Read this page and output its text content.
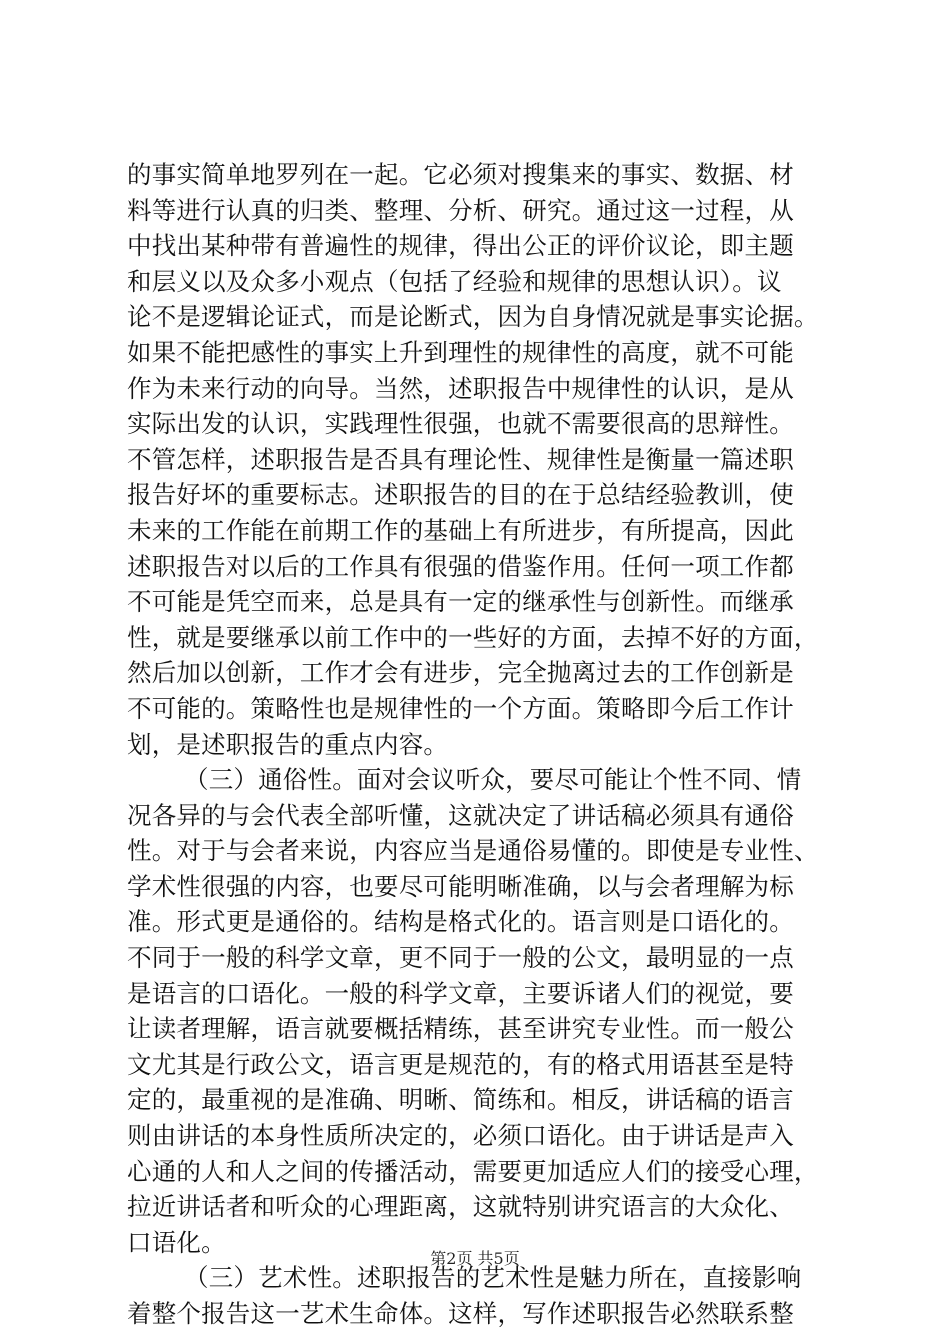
的事实简单地罗列在一起。它必须对搜集来的事实、数据、材
料等进行认真的归类、整理、分析、研究。通过这一过程，从
中找出某种带有普遍性的规律，得出公正的评价议论，即主题
和层义以及众多小观点（包括了经验和规律的思想认识）。议
论不是逻辑论证式，而是论断式，因为自身情况就是事实论据。
如果不能把感性的事实上升到理性的规律性的高度，就不可能
作为未来行动的向导。当然，述职报告中规律性的认识，是从
实际出发的认识，实践理性很强，也就不需要很高的思辩性。
不管怎样，述职报告是否具有理论性、规律性是衡量一篇述职
报告好坏的重要标志。述职报告的目的在于总结经验教训，使
未来的工作能在前期工作的基础上有所进步，有所提高，因此
述职报告对以后的工作具有很强的借鉴作用。任何一项工作都
不可能是凭空而来，总是具有一定的继承性与创新性。而继承
性，就是要继承以前工作中的一些好的方面，去掉不好的方面，
然后加以创新，工作才会有进步，完全抛离过去的工作创新是
不可能的。策略性也是规律性的一个方面。策略即今后工作计
划，是述职报告的重点内容。
（三）通俗性。面对会议听众，要尽可能让个性不同、情
况各异的与会代表全部听懂，这就决定了讲话稿必须具有通俗
性。对于与会者来说，内容应当是通俗易懂的。即使是专业性、
学术性很强的内容，也要尽可能明晰准确，以与会者理解为标
准。形式更是通俗的。结构是格式化的。语言则是口语化的。
不同于一般的科学文章，更不同于一般的公文，最明显的一点
是语言的口语化。一般的科学文章，主要诉诸人们的视觉，要
让读者理解，语言就要概括精练，甚至讲究专业性。而一般公
文尤其是行政公文，语言更是规范的，有的格式用语甚至是特
定的，最重视的是准确、明晰、简练和。相反，讲话稿的语言
则由讲话的本身性质所决定的，必须口语化。由于讲话是声入
心通的人和人之间的传播活动，需要更加适应人们的接受心理，
拉近讲话者和听众的心理距离，这就特别讲究语言的大众化、
口语化。
（三）艺术性。述职报告的艺术性是魅力所在，直接影响
着整个报告这一艺术生命体。这样，写作述职报告必然联系整
第2页 共5页
